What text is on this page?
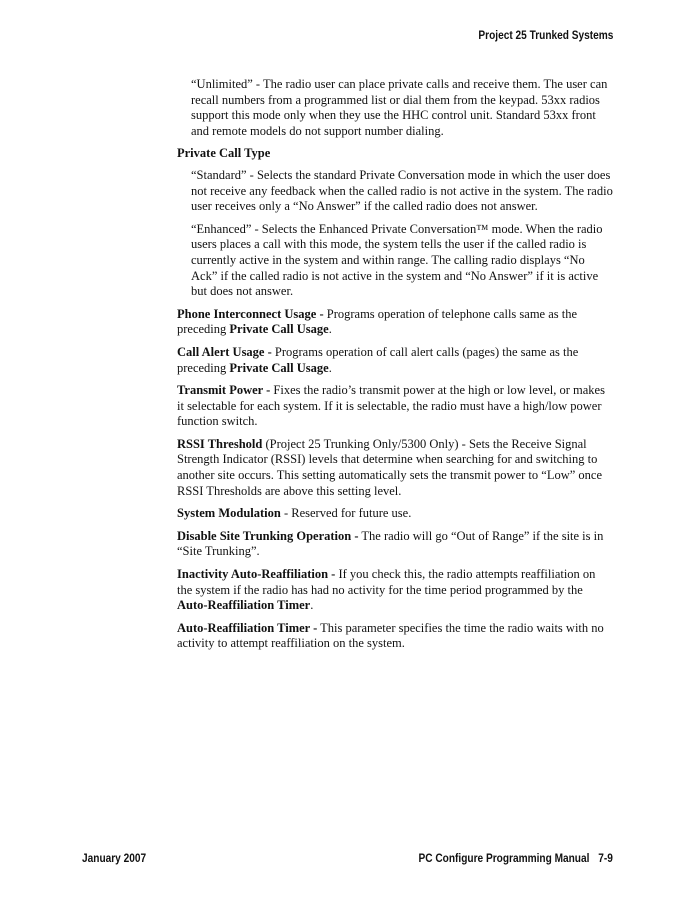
Project 25 Trunked Systems

“Unlimited” - The radio user can place private calls and receive them. The user can recall numbers from a programmed list or dial them from the keypad. 53xx radios support this mode only when they use the HHC control unit. Standard 53xx front and remote models do not support number dialing.

Private Call Type

“Standard” - Selects the standard Private Conversation mode in which the user does not receive any feedback when the called radio is not active in the system. The radio user receives only a “No Answer” if the called radio does not answer.

“Enhanced” - Selects the Enhanced Private Conversation™ mode. When the radio users places a call with this mode, the system tells the user if the called radio is currently active in the system and within range. The calling radio displays “No Ack” if the called radio is not active in the system and “No Answer” if it is active but does not answer.

Phone Interconnect Usage - Programs operation of telephone calls same as the preceding Private Call Usage.

Call Alert Usage - Programs operation of call alert calls (pages) the same as the preceding Private Call Usage.

Transmit Power - Fixes the radio’s transmit power at the high or low level, or makes it selectable for each system. If it is selectable, the radio must have a high/low power function switch.

RSSI Threshold (Project 25 Trunking Only/5300 Only) - Sets the Receive Signal Strength Indicator (RSSI) levels that determine when searching for and switching to another site occurs. This setting automatically sets the transmit power to “Low” once RSSI Thresholds are above this setting level.

System Modulation - Reserved for future use.

Disable Site Trunking Operation - The radio will go “Out of Range” if the site is in “Site Trunking”.

Inactivity Auto-Reaffiliation - If you check this, the radio attempts reaffiliation on the system if the radio has had no activity for the time period programmed by the Auto-Reaffiliation Timer.

Auto-Reaffiliation Timer - This parameter specifies the time the radio waits with no activity to attempt reaffiliation on the system.

January 2007	PC Configure Programming Manual 7-9
